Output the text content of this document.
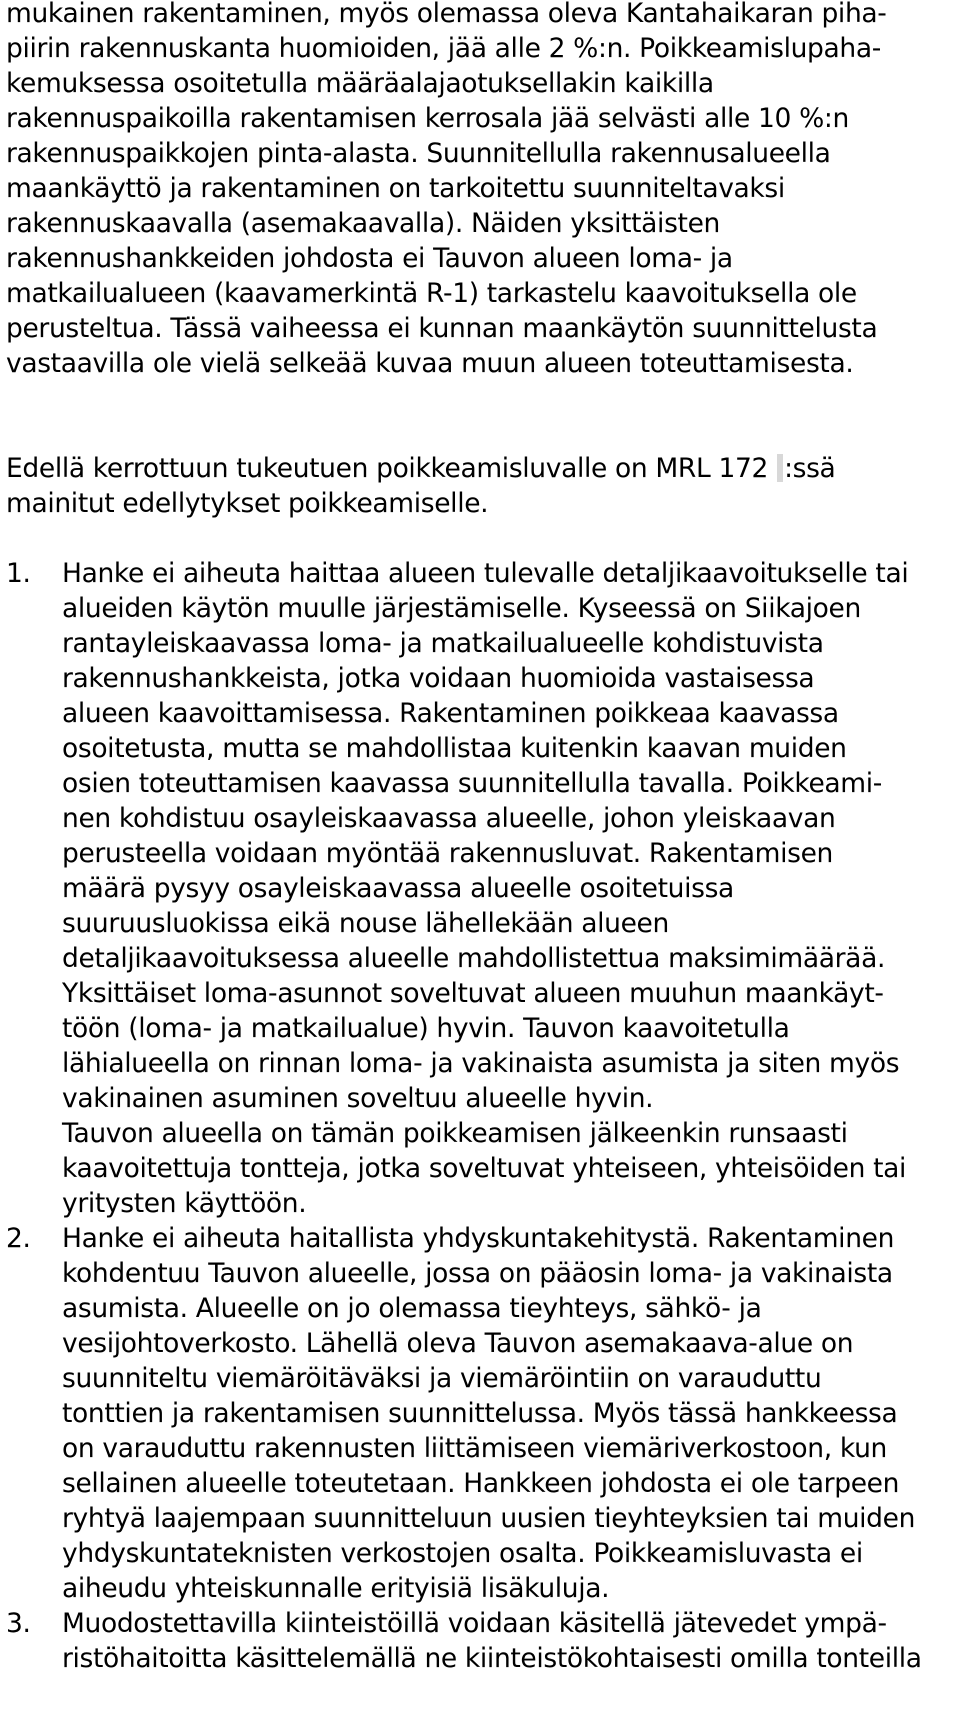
mukainen rakentaminen, myös olemassa oleva Kantahaikaran piha-
piirin rakennuskanta huomioiden, jää alle 2 %:n. Poikkeamislupaha-
kemuksessa osoitetulla määräalajaotuksellakin kaikilla
rakennuspaikoilla rakentamisen kerrosala jää selvästi alle 10 %:n
rakennuspaikkojen pinta-alasta. Suunnitellulla rakennusalueella
maankäyttö ja rakentaminen on tarkoitettu suunniteltavaksi
rakennuskaavalla (asemakaavalla). Näiden yksittäisten
rakennushankkeiden johdosta ei Tauvon alueen loma- ja
matkailualueen (kaavamerkintä R-1) tarkastelu kaavoituksella ole
perusteltua. Tässä vaiheessa ei kunnan maankäytön suunnittelusta
vastaavilla ole vielä selkeää kuvaa muun alueen toteuttamisesta.
Edellä kerrottuun tukeutuen poikkeamisluvalle on MRL 172 :ssä
mainitut edellytykset poikkeamiselle.
1. Hanke ei aiheuta haittaa alueen tulevalle detaljikaavoitukselle tai
alueiden käytön muulle järjestämiselle. Kyseessä on Siikajoen
rantayleiskaavassa loma- ja matkailualueelle kohdistuvista
rakennushankkeista, jotka voidaan huomioida vastaisessa
alueen kaavoittamisessa. Rakentaminen poikkeaa kaavassa
osoitetusta, mutta se mahdollistaa kuitenkin kaavan muiden
osien toteuttamisen kaavassa suunnitellulla tavalla. Poikkeami-
nen kohdistuu osayleiskaavassa alueelle, johon yleiskaavan
perusteella voidaan myöntää rakennusluvat. Rakentamisen
määrä pysyy osayleiskaavassa alueelle osoitetuissa
suuruusluokissa eikä nouse lähellekään alueen
detaljikaavoituksessa alueelle mahdollistettua maksimimäärää.
Yksittäiset loma-asunnot soveltuvat alueen muuhun maankäyt-
töön (loma- ja matkailualue) hyvin. Tauvon kaavoitetulla
lähialueella on rinnan loma- ja vakinaista asumista ja siten myös
vakinainen asuminen soveltuu alueelle hyvin.
Tauvon alueella on tämän poikkeamisen jälkeenkin runsaasti
kaavoitettuja tontteja, jotka soveltuvat yhteiseen, yhteisöiden tai
yritysten käyttöön.
2. Hanke ei aiheuta haitallista yhdyskuntakehitystä. Rakentaminen
kohdentuu Tauvon alueelle, jossa on pääosin loma- ja vakinaista
asumista. Alueelle on jo olemassa tieyhteys, sähkö- ja
vesijohtoverkosto. Lähellä oleva Tauvon asemakaava-alue on
suunniteltu viemäröitäväksi ja viemäröintiin on varauduttu
tonttien ja rakentamisen suunnittelussa. Myös tässä hankkeessa
on varauduttu rakennusten liittämiseen viemäriverkostoon, kun
sellainen alueelle toteutetaan. Hankkeen johdosta ei ole tarpeen
ryhtyä laajempaan suunnitteluun uusien tieyhteyksien tai muiden
yhdyskuntateknisten verkostojen osalta. Poikkeamisluvasta ei
aiheudu yhteiskunnalle erityisiä lisäkuluja.
3. Muodostettavilla kiinteistöillä voidaan käsitellä jätevedet ympä-
ristöhaitoitta käsittelemällä ne kiinteistökohtaisesti omilla tonteilla
